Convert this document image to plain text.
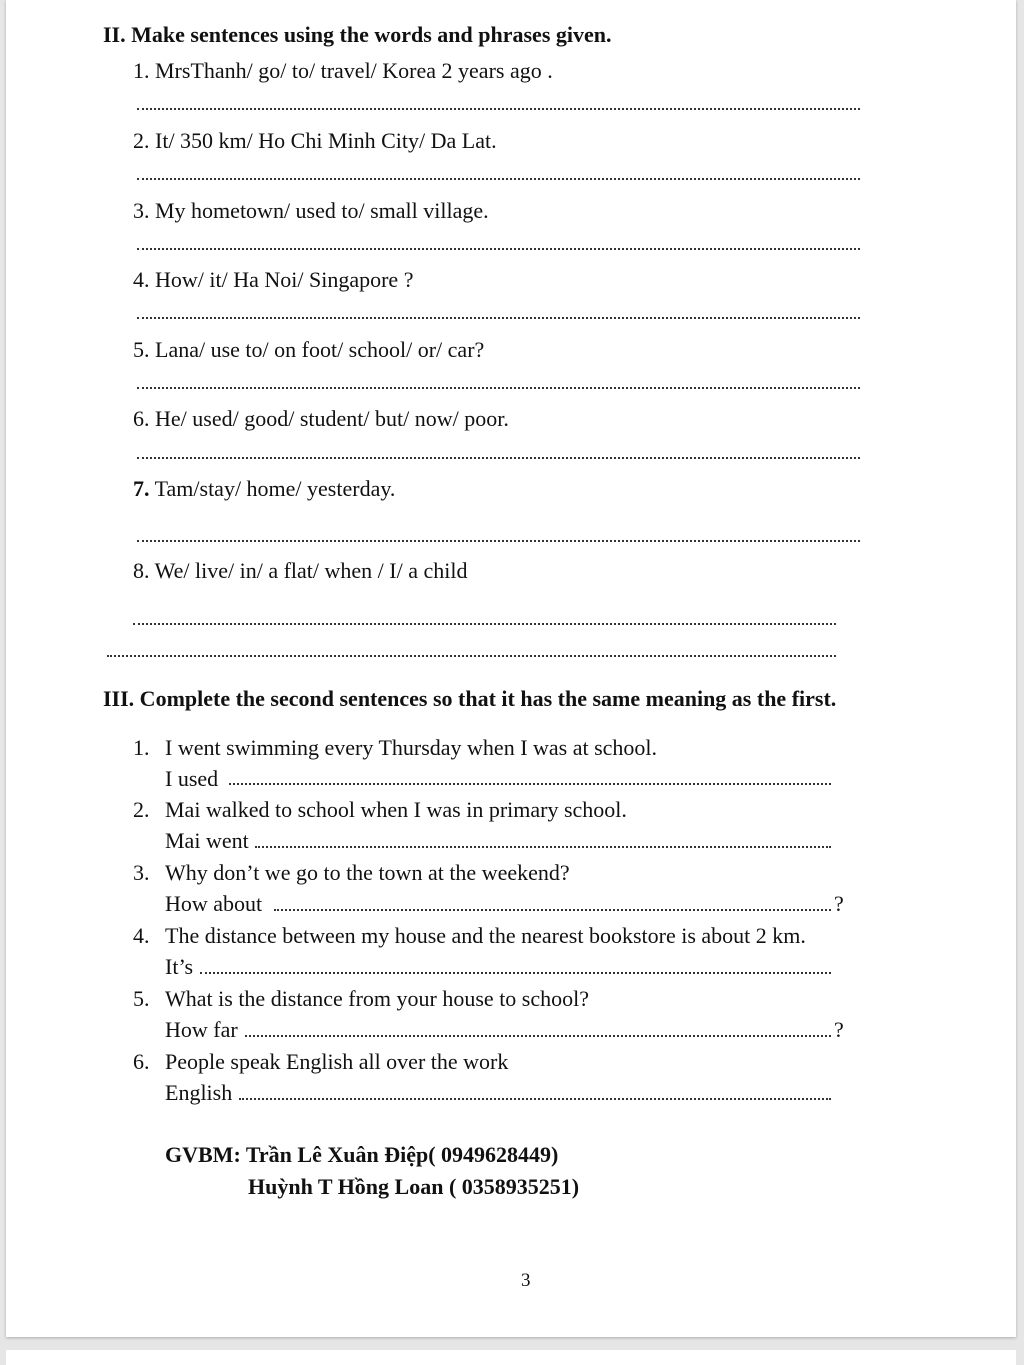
II. Make sentences using the words and phrases given.
1. MrsThanh/ go/ to/ travel/ Korea 2 years ago .
2. It/ 350 km/ Ho Chi Minh City/ Da Lat.
3. My hometown/ used to/ small village.
4. How/ it/ Ha Noi/ Singapore ?
5. Lana/ use to/ on foot/ school/ or/ car?
6. He/ used/ good/ student/ but/ now/ poor.
7. Tam/stay/ home/ yesterday.
8. We/ live/ in/ a flat/ when / I/ a child
III. Complete the second sentences so that it has the same meaning as the first.
1. I went swimming every Thursday when I was at school.
I used
2. Mai walked to school when I was in primary school.
Mai went
3. Why don’t we go to the town at the weekend?
How about	?
4. The distance between my house and the nearest bookstore is about 2 km.
It’s
5. What is the distance from your house to school?
How far	?
6. People speak English all over the work
English
GVBM: Trần Lê Xuân Điệp( 0949628449)
Huỳnh T Hồng Loan ( 0358935251)
3
